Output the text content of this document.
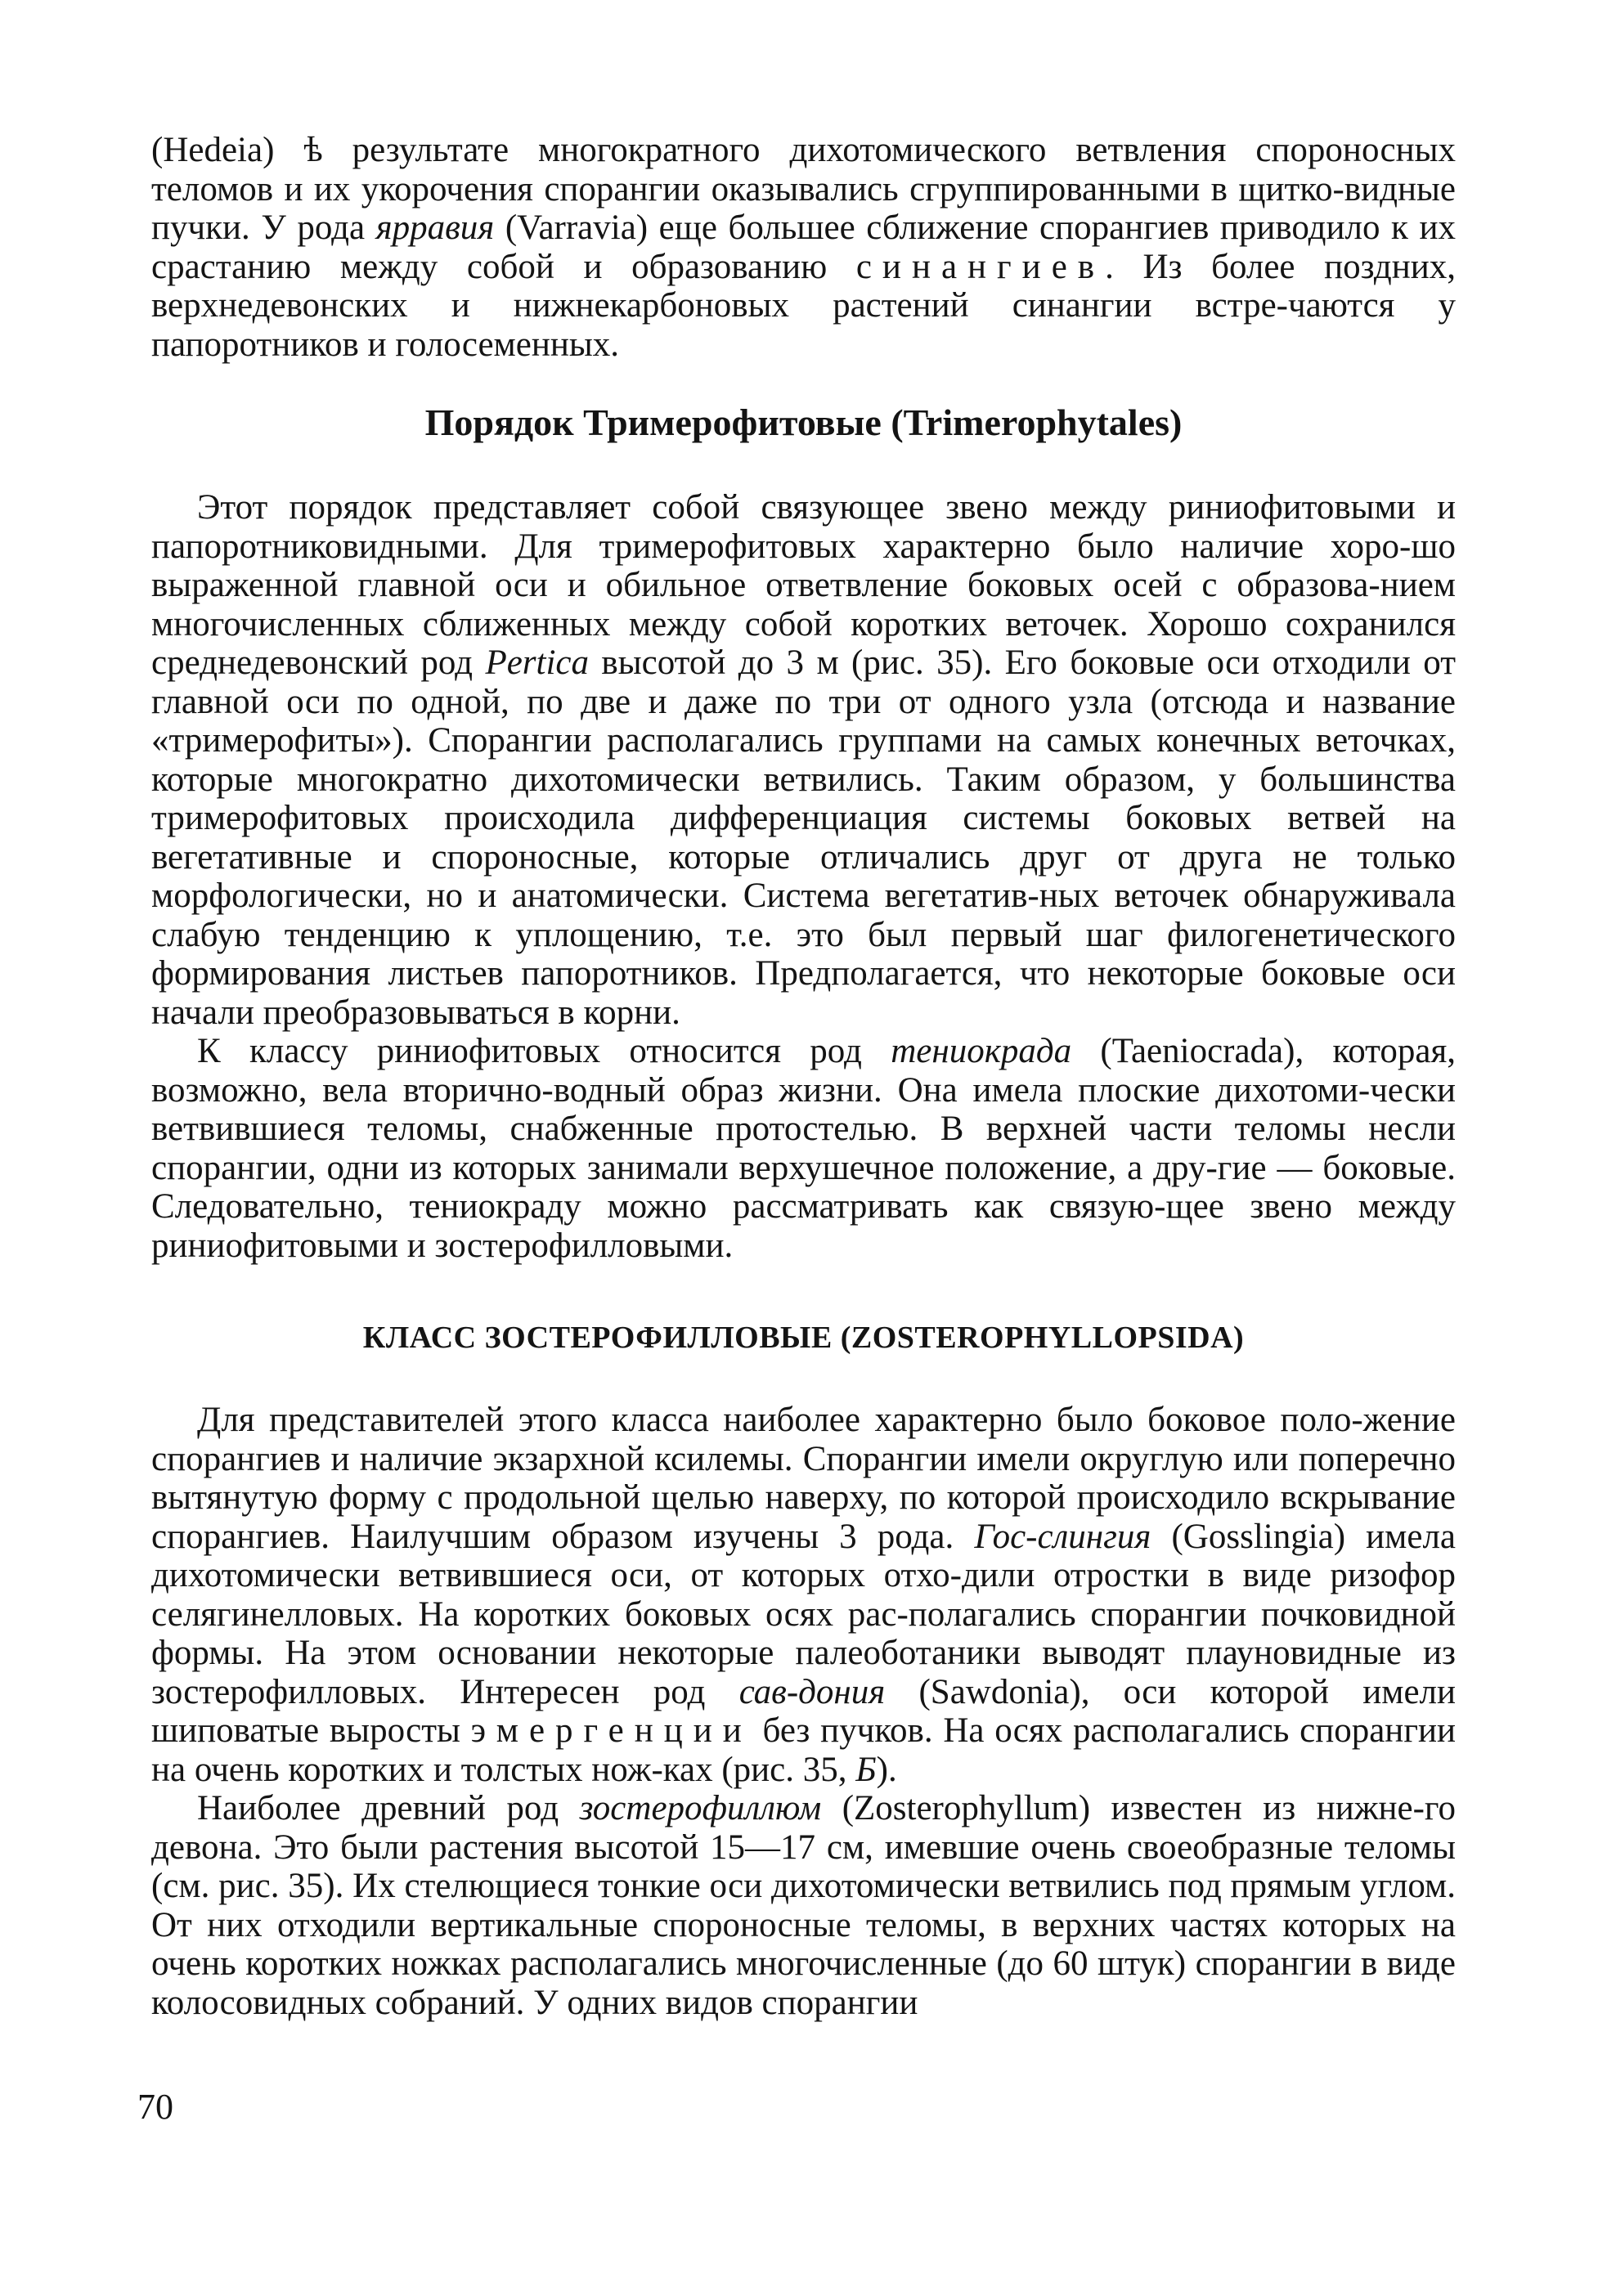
(Hedeia) ѣ результате многократного дихотомического ветвления спороносных теломов и их укорочения спорангии оказывались сгруппированными в щитко-видные пучки. У рода ярравия (Varravia) еще большее сближение спорангиев приводило к их срастанию между собой и образованию синангиев. Из более поздних, верхнедевонских и нижнекарбоновых растений синангии встре-чаются у папоротников и голосеменных.

Порядок Тримерофитовые (Trimerophytales)

Этот порядок представляет собой связующее звено между риниофитовыми и папоротниковидными. Для тримерофитовых характерно было наличие хоро-шо выраженной главной оси и обильное ответвление боковых осей с образова-нием многочисленных сближенных между собой коротких веточек. Хорошо сохранился среднедевонский род Pertica высотой до 3 м (рис. 35). Его боковые оси отходили от главной оси по одной, по две и даже по три от одного узла (отсюда и название «тримерофиты»). Спорангии располагались группами на самых конечных веточках, которые многократно дихотомически ветвились. Таким образом, у большинства тримерофитовых происходила дифференциация системы боковых ветвей на вегетативные и спороносные, которые отличались друг от друга не только морфологически, но и анатомически. Система вегетатив-ных веточек обнаруживала слабую тенденцию к уплощению, т.е. это был первый шаг филогенетического формирования листьев папоротников. Предполагается, что некоторые боковые оси начали преобразовываться в корни.

К классу риниофитовых относится род тениокрада (Taeniocrada), которая, возможно, вела вторично-водный образ жизни. Она имела плоские дихотоми-чески ветвившиеся теломы, снабженные протостелью. В верхней части теломы несли спорангии, одни из которых занимали верхушечное положение, а дру-гие — боковые. Следовательно, тениокраду можно рассматривать как связую-щее звено между риниофитовыми и зостерофилловыми.

КЛАСС ЗОСТЕРОФИЛЛОВЫЕ (ZOSTEROPHYLLOPSIDA)

Для представителей этого класса наиболее характерно было боковое поло-жение спорангиев и наличие экзархной ксилемы. Спорангии имели округлую или поперечно вытянутую форму с продольной щелью наверху, по которой происходило вскрывание спорангиев. Наилучшим образом изучены 3 рода. Гос-слингия (Gosslingia) имела дихотомически ветвившиеся оси, от которых отхо-дили отростки в виде ризофор селягинелловых. На коротких боковых осях рас-полагались спорангии почковидной формы. На этом основании некоторые палеоботаники выводят плауновидные из зостерофилловых. Интересен род сав-дония (Sawdonia), оси которой имели шиповатые выросты эмергенции без пучков. На осях располагались спорангии на очень коротких и толстых нож-ках (рис. 35, Б).

Наиболее древний род зостерофиллюм (Zosterophyllum) известен из нижне-го девона. Это были растения высотой 15—17 см, имевшие очень своеобразные теломы (см. рис. 35). Их стелющиеся тонкие оси дихотомически ветвились под прямым углом. От них отходили вертикальные спороносные теломы, в верхних частях которых на очень коротких ножках располагались многочисленные (до 60 штук) спорангии в виде колосовидных собраний. У одних видов спорангии

70
